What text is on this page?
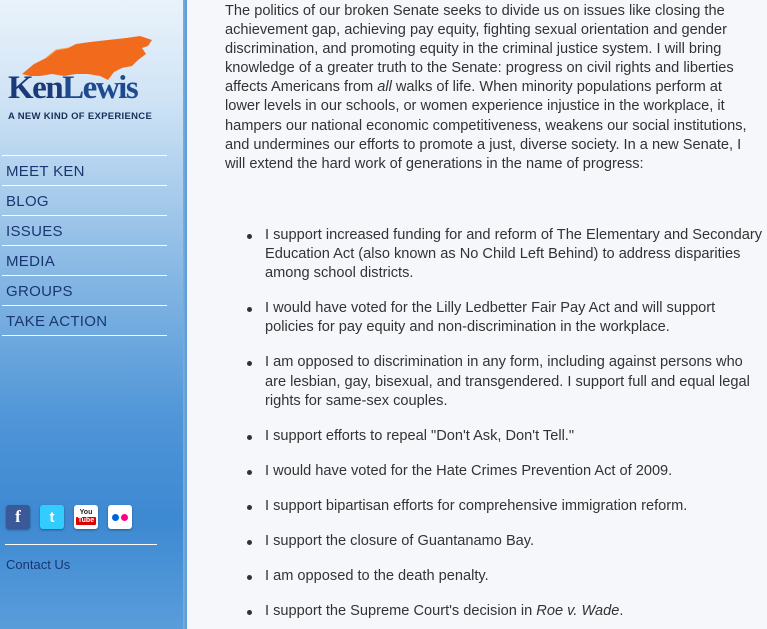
KenLewis
A NEW KIND OF EXPERIENCE
MEET KEN
BLOG
ISSUES
MEDIA
GROUPS
TAKE ACTION
f	t	You
Tube
Contact Us

The politics of our broken Senate seeks to divide us on issues like closing the achievement gap, achieving pay equity, fighting sexual orientation and gender discrimination, and promoting equity in the criminal justice system. I will bring knowledge of a greater truth to the Senate: progress on civil rights and liberties affects Americans from all walks of life. When minority populations perform at lower levels in our schools, or women experience injustice in the workplace, it hampers our national economic competitiveness, weakens our social institutions, and undermines our efforts to promote a just, diverse society. In a new Senate, I will extend the hard work of generations in the name of progress:

I support increased funding for and reform of The Elementary and Secondary Education Act (also known as No Child Left Behind) to address disparities among school districts.
I would have voted for the Lilly Ledbetter Fair Pay Act and will support policies for pay equity and non-discrimination in the workplace.
I am opposed to discrimination in any form, including against persons who are lesbian, gay, bisexual, and transgendered. I support full and equal legal rights for same-sex couples.
I support efforts to repeal "Don't Ask, Don't Tell."
I would have voted for the Hate Crimes Prevention Act of 2009.
I support bipartisan efforts for comprehensive immigration reform.
I support the closure of Guantanamo Bay.
I am opposed to the death penalty.
I support the Supreme Court's decision in Roe v. Wade.
